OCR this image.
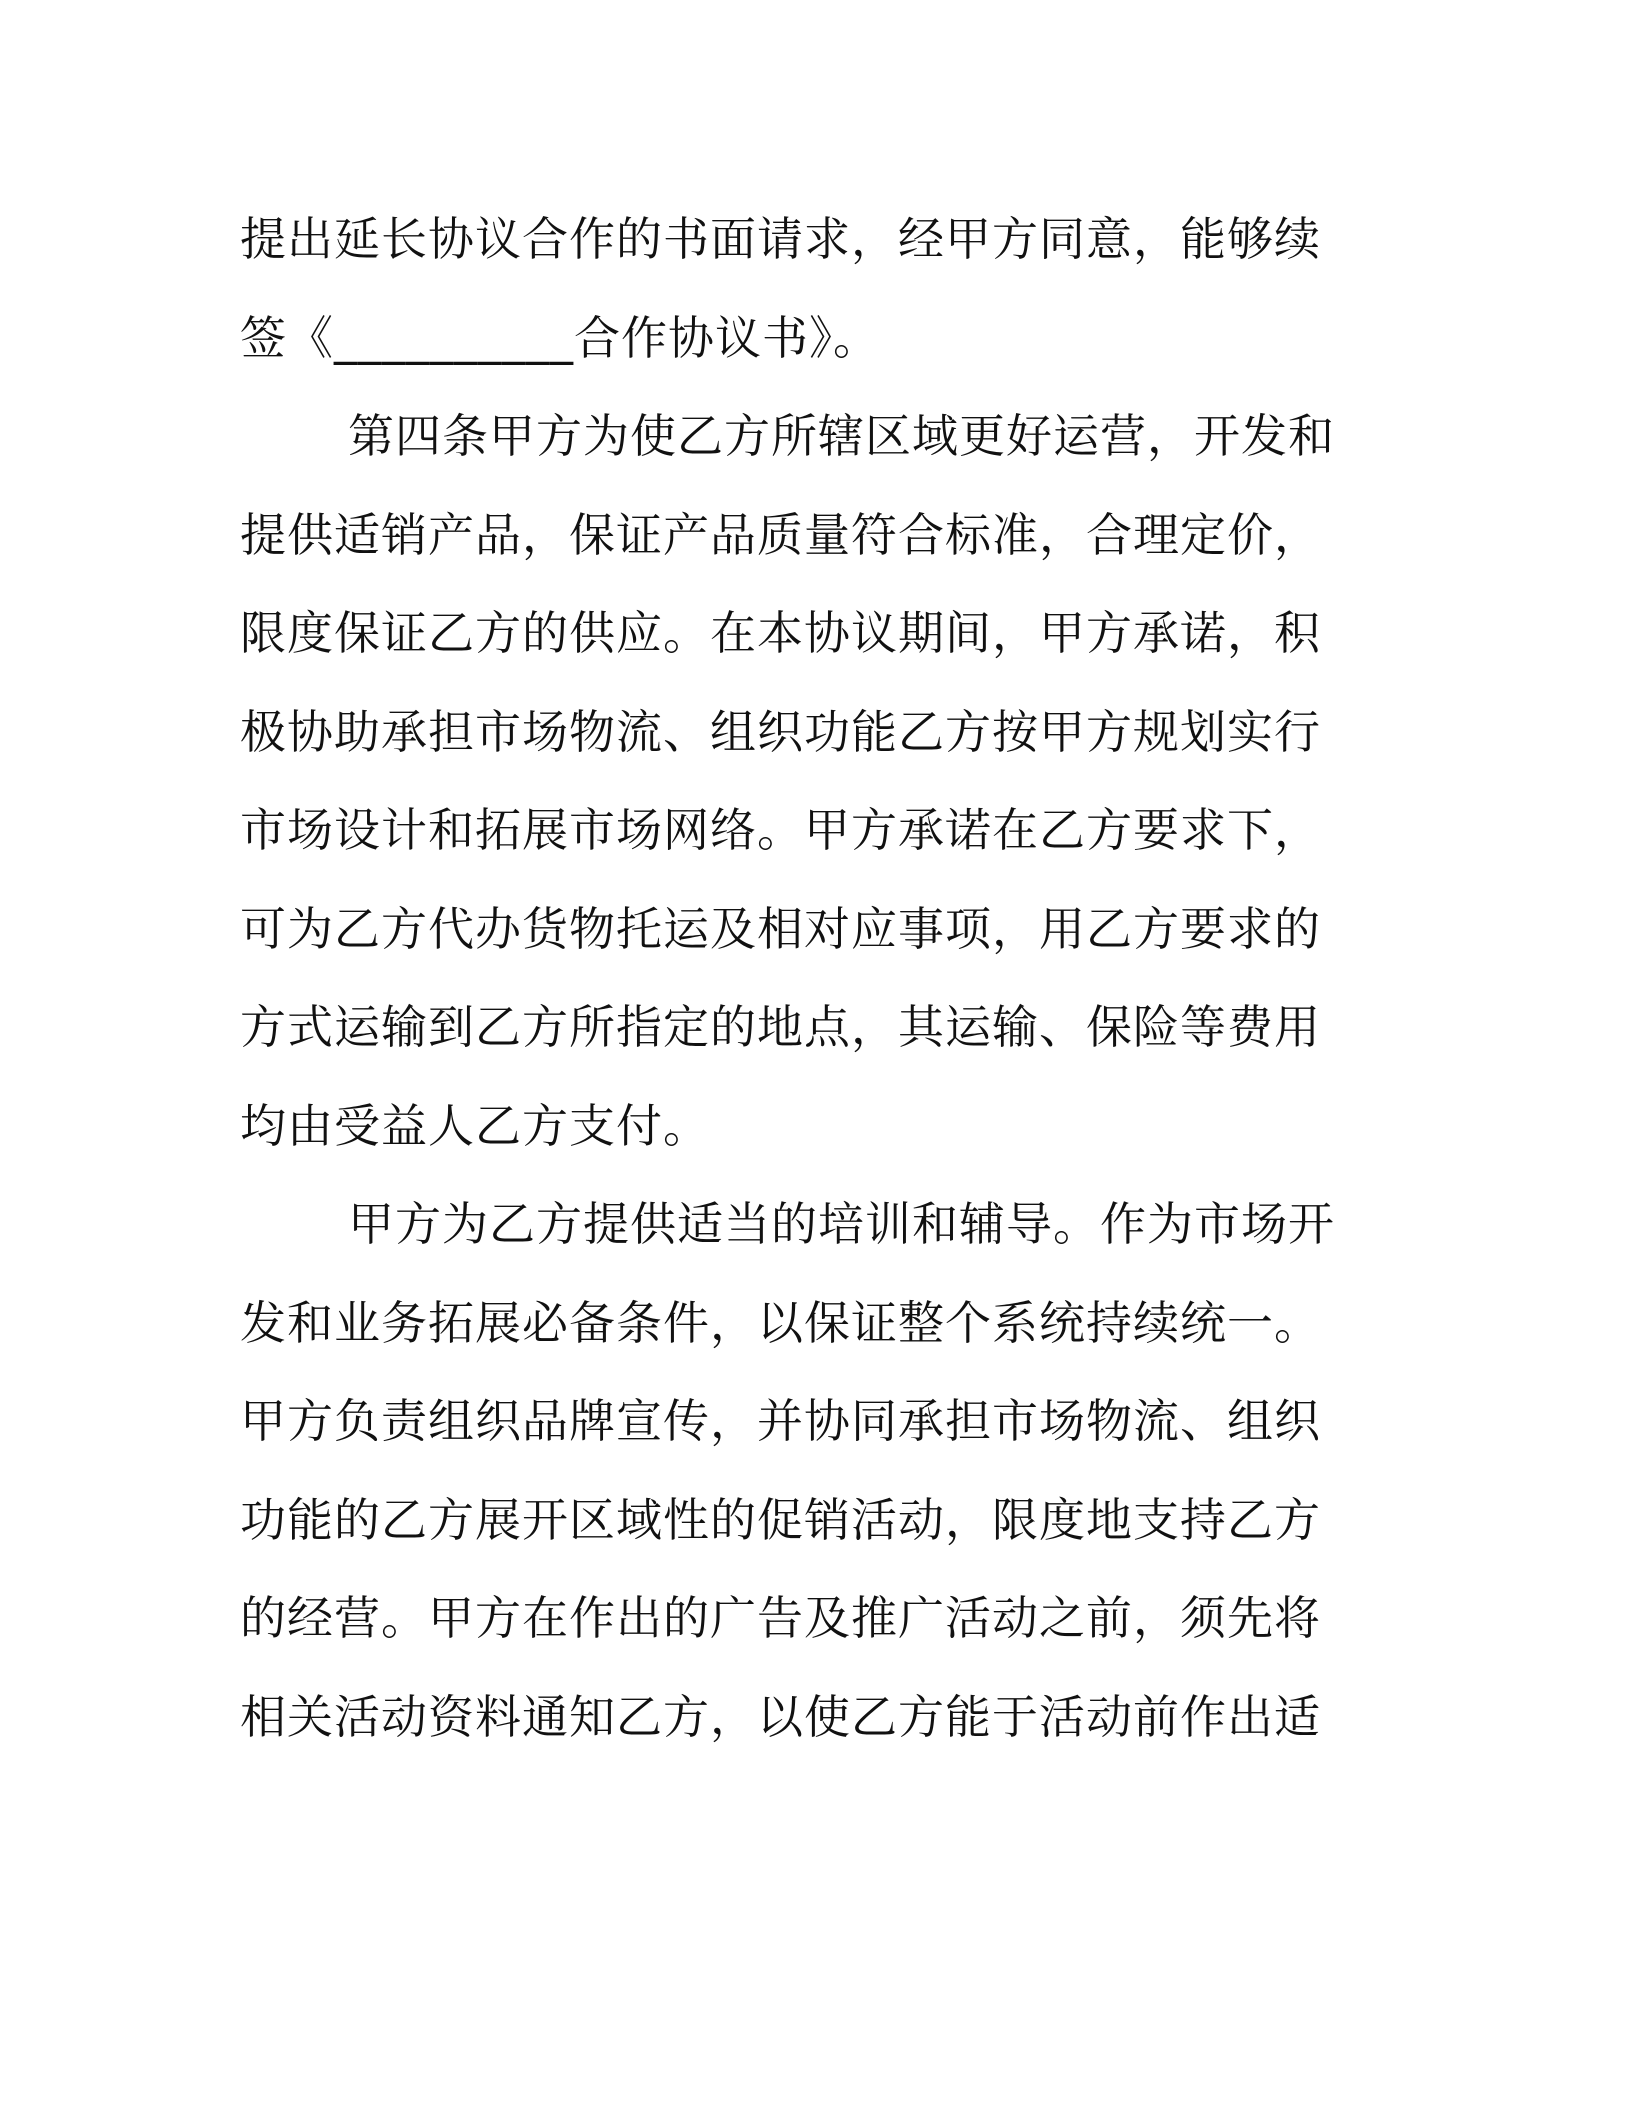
提出延长协议合作的书面请求，经甲方同意，能够续
签《__________合作协议书》。
第四条甲方为使乙方所辖区域更好运营，开发和
提供适销产品，保证产品质量符合标准，合理定价，
限度保证乙方的供应。在本协议期间，甲方承诺，积
极协助承担市场物流、组织功能乙方按甲方规划实行
市场设计和拓展市场网络。甲方承诺在乙方要求下，
可为乙方代办货物托运及相对应事项，用乙方要求的
方式运输到乙方所指定的地点，其运输、保险等费用
均由受益人乙方支付。
甲方为乙方提供适当的培训和辅导。作为市场开
发和业务拓展必备条件，以保证整个系统持续统一。
甲方负责组织品牌宣传，并协同承担市场物流、组织
功能的乙方展开区域性的促销活动，限度地支持乙方
的经营。甲方在作出的广告及推广活动之前，须先将
相关活动资料通知乙方，以使乙方能于活动前作出适
